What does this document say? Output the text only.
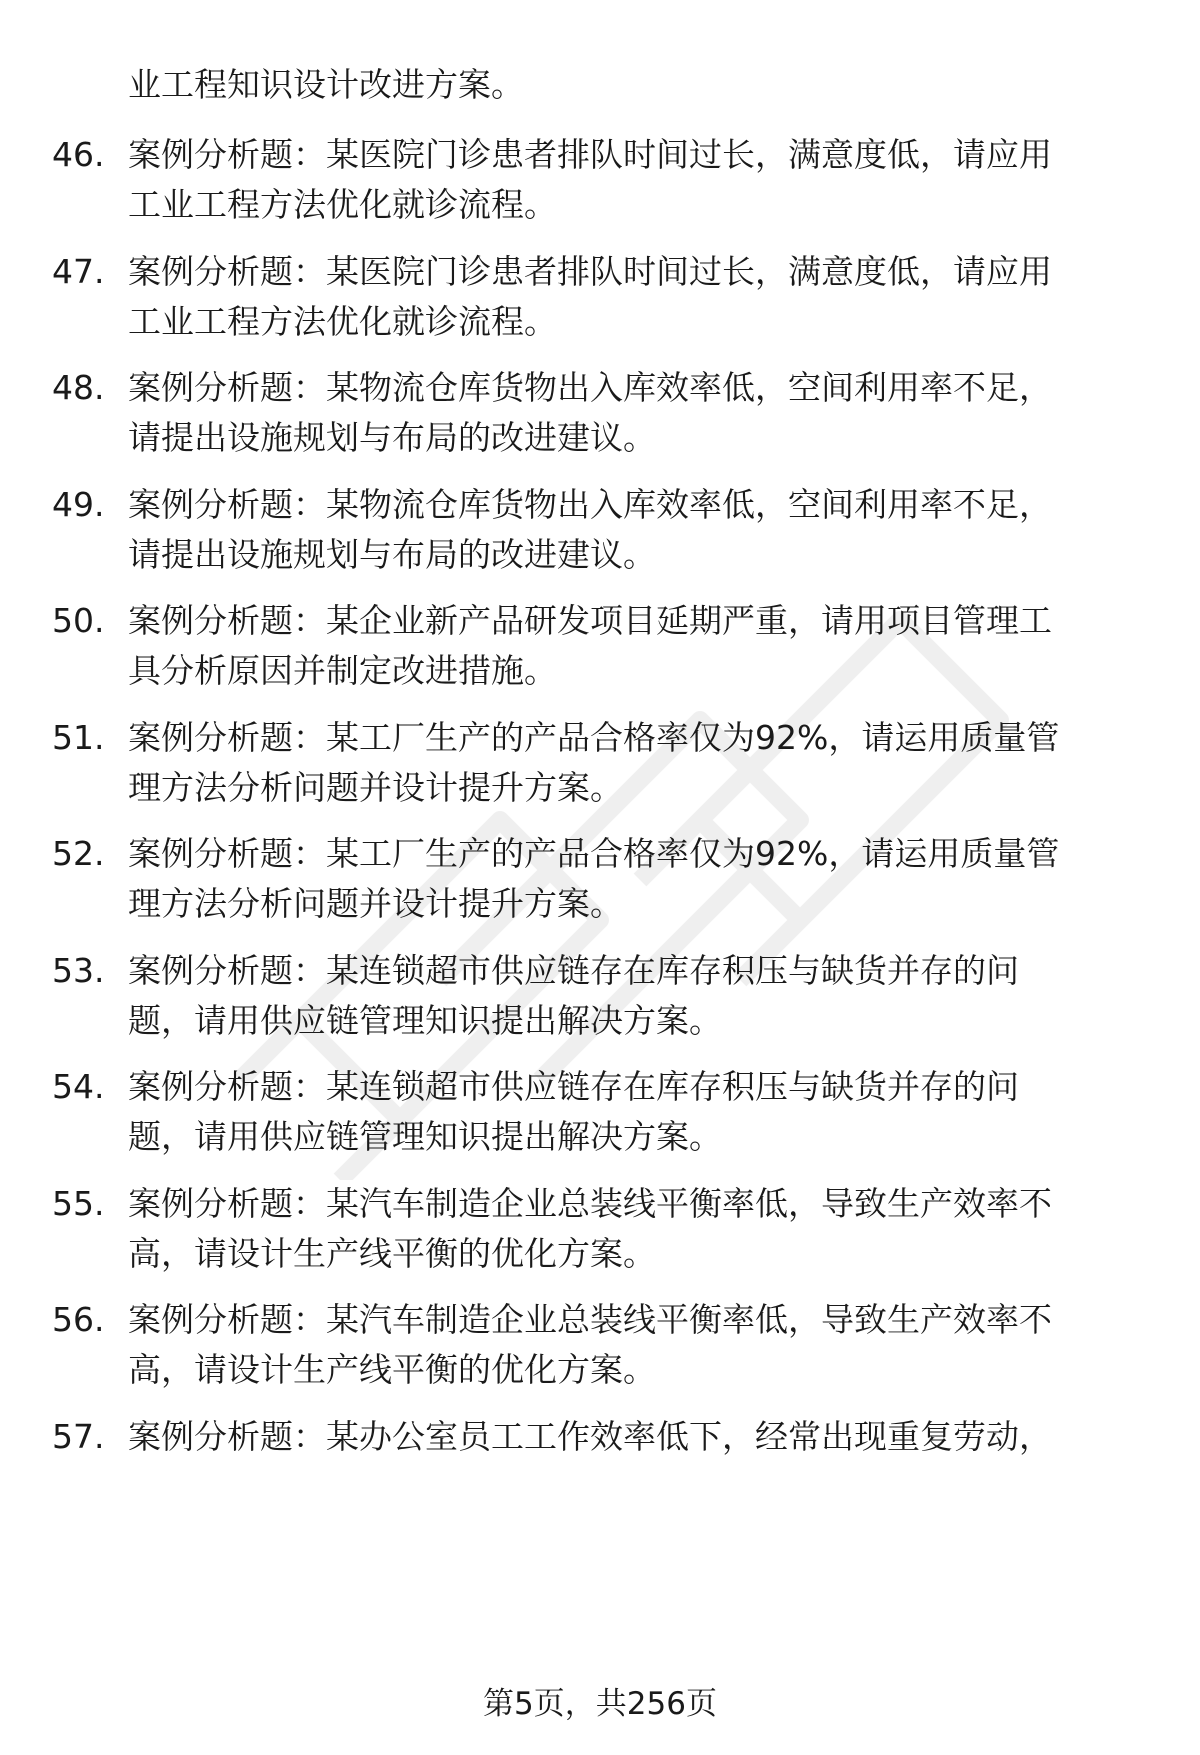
业工程知识设计改进方案。
46. 案例分析题：某医院门诊患者排队时间过长，满意度低，请应用
工业工程方法优化就诊流程。
47. 案例分析题：某医院门诊患者排队时间过长，满意度低，请应用
工业工程方法优化就诊流程。
48. 案例分析题：某物流仓库货物出入库效率低，空间利用率不足，
请提出设施规划与布局的改进建议。
49. 案例分析题：某物流仓库货物出入库效率低，空间利用率不足，
请提出设施规划与布局的改进建议。
50. 案例分析题：某企业新产品研发项目延期严重，请用项目管理工
具分析原因并制定改进措施。
51. 案例分析题：某工厂生产的产品合格率仅为92%，请运用质量管
理方法分析问题并设计提升方案。
52. 案例分析题：某工厂生产的产品合格率仅为92%，请运用质量管
理方法分析问题并设计提升方案。
53. 案例分析题：某连锁超市供应链存在库存积压与缺货并存的问
题，请用供应链管理知识提出解决方案。
54. 案例分析题：某连锁超市供应链存在库存积压与缺货并存的问
题，请用供应链管理知识提出解决方案。
55. 案例分析题：某汽车制造企业总装线平衡率低，导致生产效率不
高，请设计生产线平衡的优化方案。
56. 案例分析题：某汽车制造企业总装线平衡率低，导致生产效率不
高，请设计生产线平衡的优化方案。
57. 案例分析题：某办公室员工工作效率低下，经常出现重复劳动，
第5页，共256页
